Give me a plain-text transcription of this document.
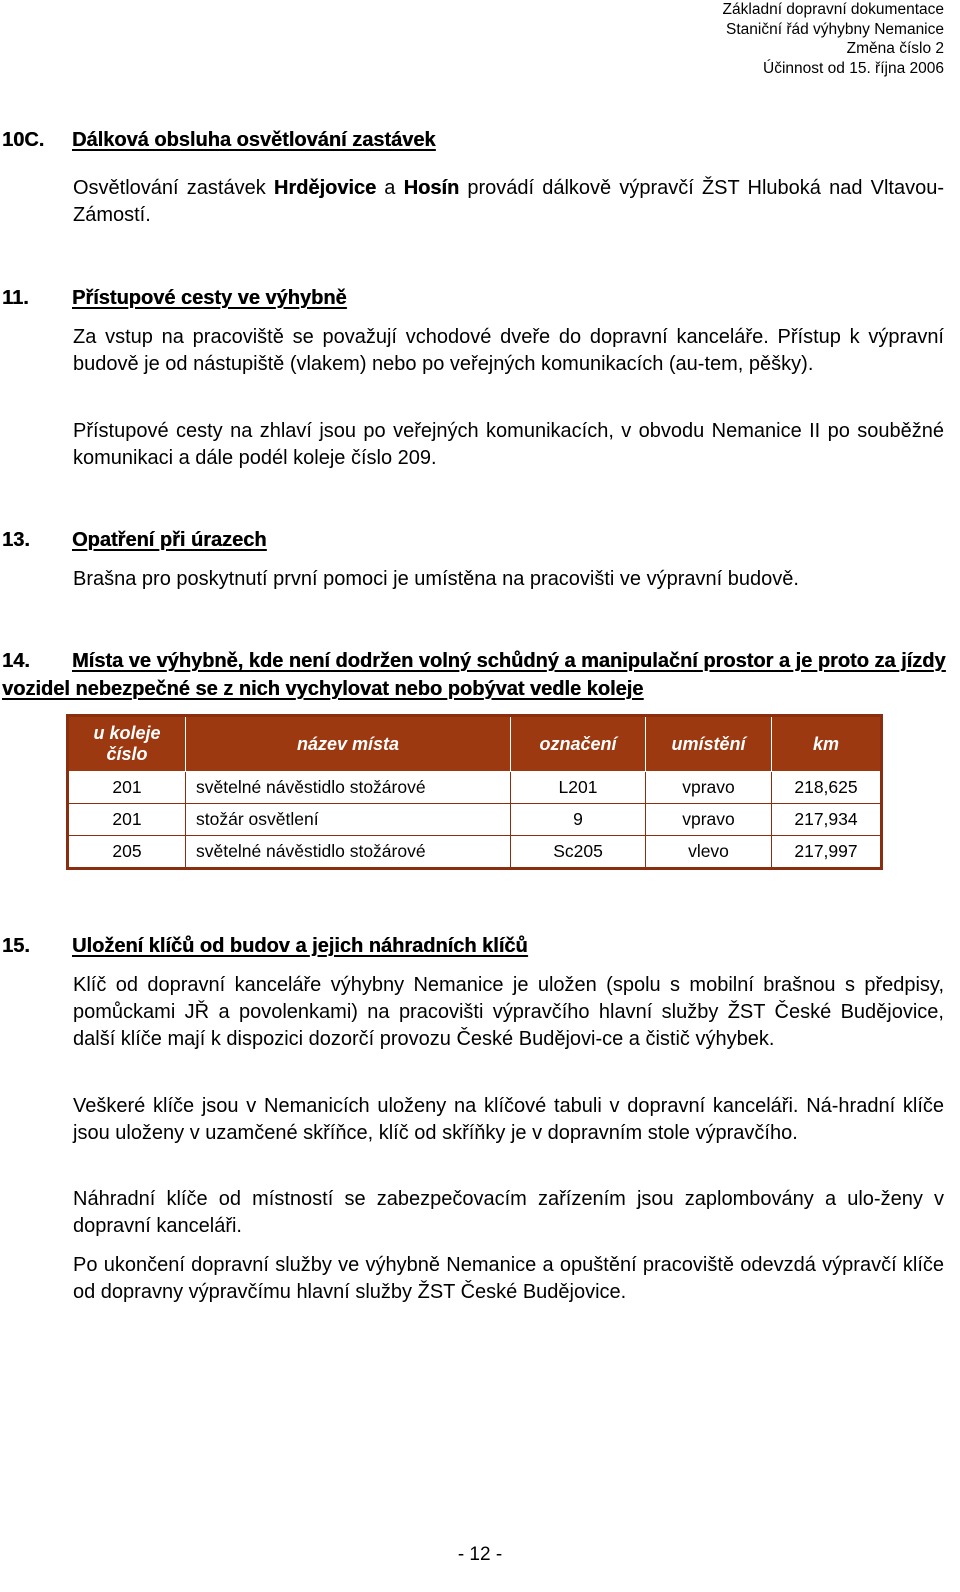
Základní dopravní dokumentace
Staniční řád výhybny Nemanice
Změna číslo 2
Účinnost od 15. října 2006
10C. Dálková obsluha osvětlování zastávek
Osvětlování zastávek Hrdějovice a Hosín provádí dálkově výpravčí ŽST Hluboká nad Vltavou-Zámostí.
11. Přístupové cesty ve výhybně
Za vstup na pracoviště se považují vchodové dveře do dopravní kanceláře. Přístup k výpravní budově je od nástupiště (vlakem) nebo po veřejných komunikacích (au-tem, pěšky).
Přístupové cesty na zhlaví jsou po veřejných komunikacích, v obvodu Nemanice II po souběžné komunikaci a dále podél koleje číslo 209.
13. Opatření při úrazech
Brašna pro poskytnutí první pomoci je umístěna na pracovišti ve výpravní budově.
14. Místa ve výhybně, kde není dodržen volný schůdný a manipulační prostor a je proto za jízdy vozidel nebezpečné se z nich vychylovat nebo pobývat vedle koleje
u koleje
číslo	název místa	označení	umístění	km
201	světelné návěstidlo stožárové	L201	vpravo	218,625
201	stožár osvětlení	9	vpravo	217,934
205	světelné návěstidlo stožárové	Sc205	vlevo	217,997
15. Uložení klíčů od budov a jejich náhradních klíčů
Klíč od dopravní kanceláře výhybny Nemanice je uložen (spolu s mobilní brašnou s předpisy, pomůckami JŘ a povolenkami) na pracovišti výpravčího hlavní služby ŽST České Budějovice, další klíče mají k dispozici dozorčí provozu České Budějovi-ce a čistič výhybek.
Veškeré klíče jsou v Nemanicích uloženy na klíčové tabuli v dopravní kanceláři. Ná-hradní klíče jsou uloženy v uzamčené skříňce, klíč od skříňky je v dopravním stole výpravčího.
Náhradní klíče od místností se zabezpečovacím zařízením jsou zaplombovány a ulo-ženy v dopravní kanceláři.
Po ukončení dopravní služby ve výhybně Nemanice a opuštění pracoviště odevzdá výpravčí klíče od dopravny výpravčímu hlavní služby ŽST České Budějovice.
- 12 -
